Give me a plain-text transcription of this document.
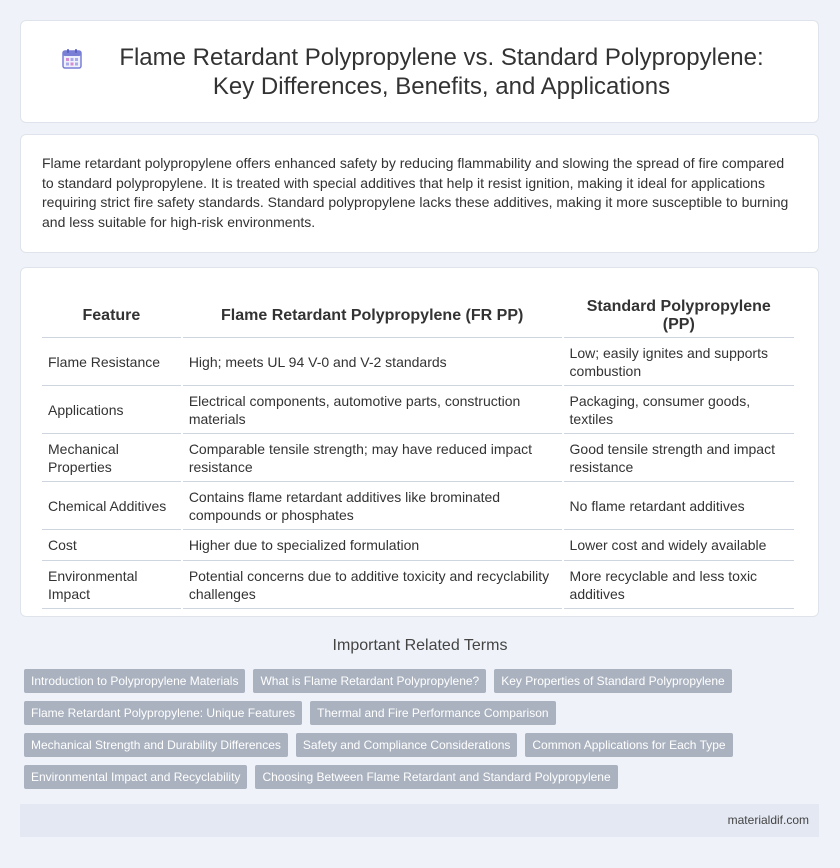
Flame Retardant Polypropylene vs. Standard Polypropylene: Key Differences, Benefits, and Applications

Flame retardant polypropylene offers enhanced safety by reducing flammability and slowing the spread of fire compared to standard polypropylene. It is treated with special additives that help it resist ignition, making it ideal for applications requiring strict fire safety standards. Standard polypropylene lacks these additives, making it more susceptible to burning and less suitable for high-risk environments.

Feature	Flame Retardant Polypropylene (FR PP)	Standard Polypropylene (PP)
Flame Resistance	High; meets UL 94 V-0 and V-2 standards	Low; easily ignites and supports combustion
Applications	Electrical components, automotive parts, construction materials	Packaging, consumer goods, textiles
Mechanical Properties	Comparable tensile strength; may have reduced impact resistance	Good tensile strength and impact resistance
Chemical Additives	Contains flame retardant additives like brominated compounds or phosphates	No flame retardant additives
Cost	Higher due to specialized formulation	Lower cost and widely available
Environmental Impact	Potential concerns due to additive toxicity and recyclability challenges	More recyclable and less toxic additives
Important Related Terms
Introduction to Polypropylene Materials	What is Flame Retardant Polypropylene?	Key Properties of Standard Polypropylene
Flame Retardant Polypropylene: Unique Features	Thermal and Fire Performance Comparison
Mechanical Strength and Durability Differences	Safety and Compliance Considerations	Common Applications for Each Type
Environmental Impact and Recyclability	Choosing Between Flame Retardant and Standard Polypropylene
materialdif.com
